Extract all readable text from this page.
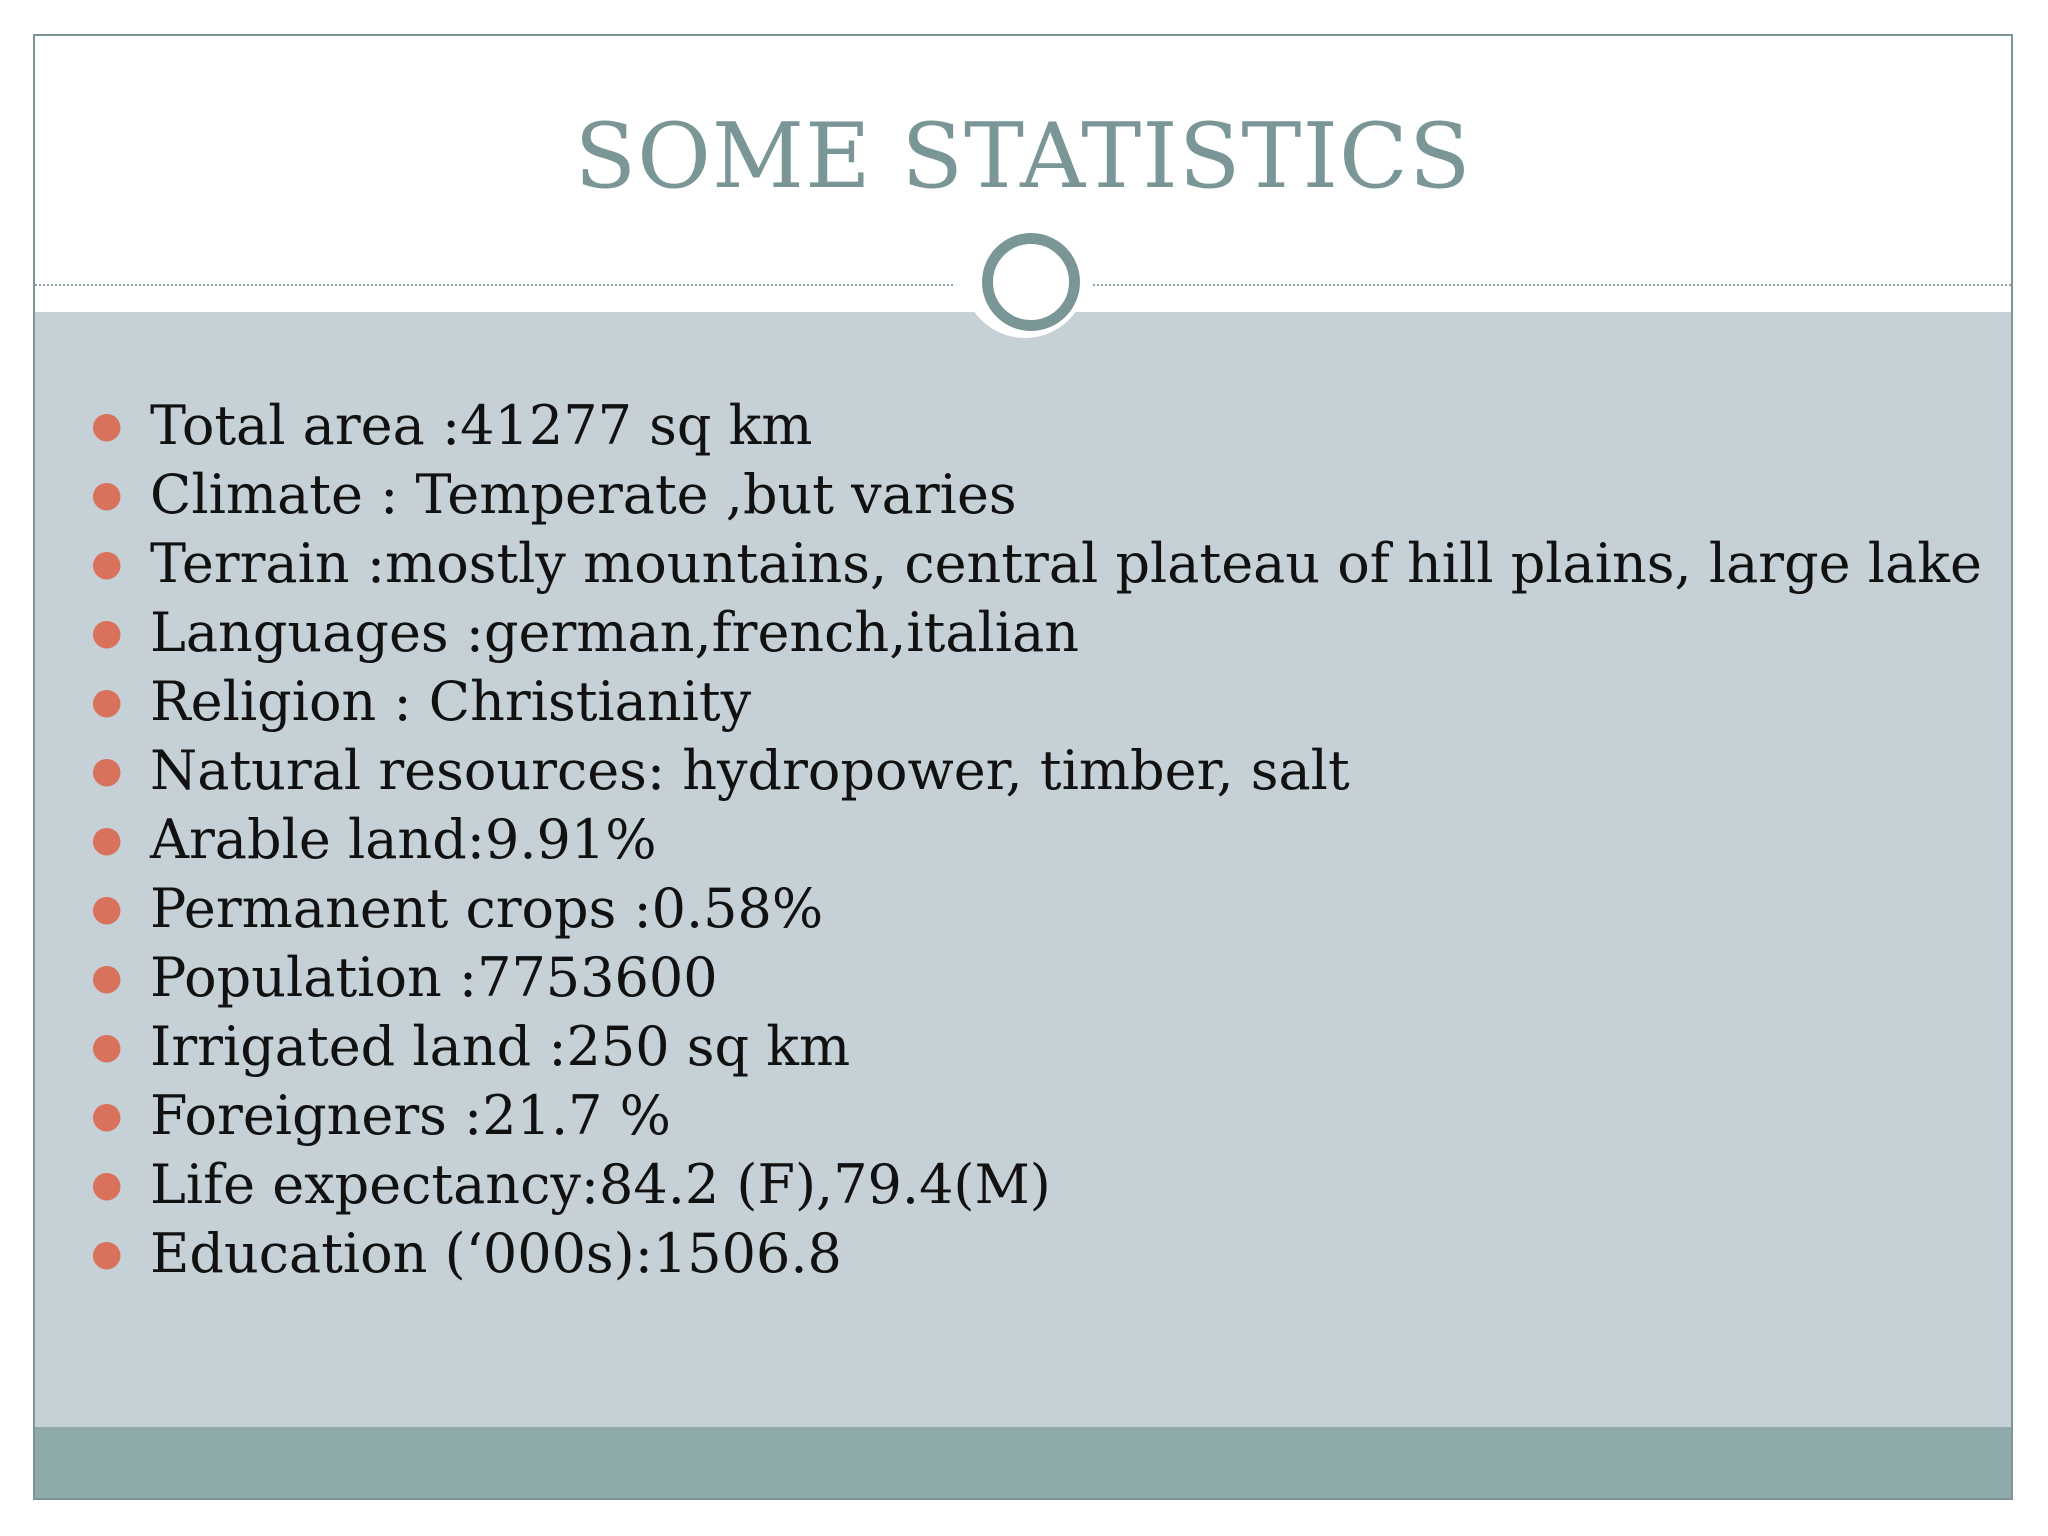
SOME STATISTICS
● Total area :41277 sq km
● Climate : Temperate ,but varies
● Terrain :mostly mountains, central plateau of hill plains, large lake
● Languages :german,french,italian
● Religion : Christianity
● Natural resources: hydropower, timber, salt
● Arable land:9.91%
● Permanent crops :0.58%
● Population :7753600
● Irrigated land :250 sq km
● Foreigners :21.7 %
● Life expectancy:84.2 (F),79.4(M)
● Education (‘000s):1506.8
